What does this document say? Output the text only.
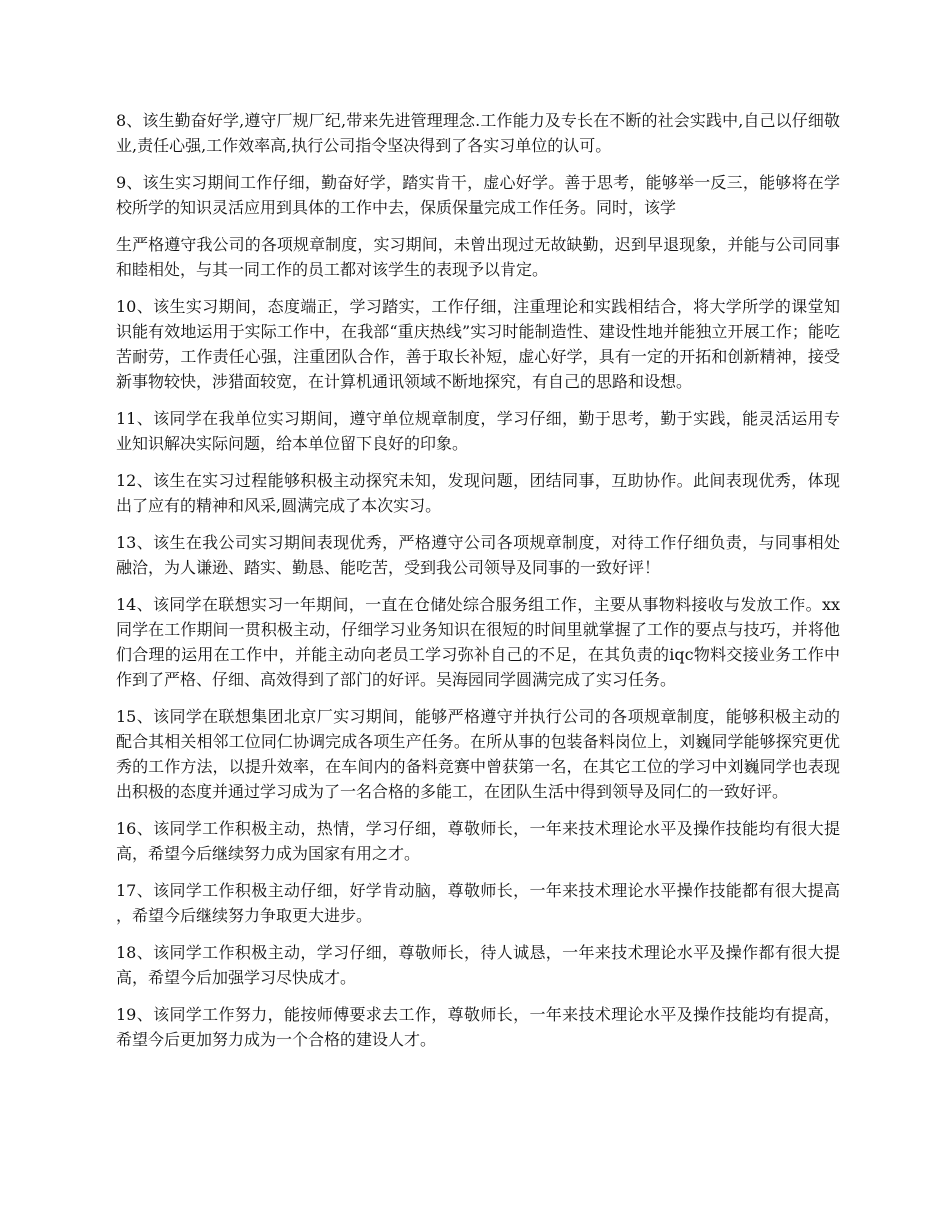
8、该生勤奋好学,遵守厂规厂纪,带来先进管理理念.工作能力及专长在不断的社会实践中,自己以仔细敬业,责任心强,工作效率高,执行公司指令坚决得到了各实习单位的认可。

9、该生实习期间工作仔细，勤奋好学，踏实肯干，虚心好学。善于思考，能够举一反三，能够将在学校所学的知识灵活应用到具体的工作中去，保质保量完成工作任务。同时，该学

生严格遵守我公司的各项规章制度，实习期间，未曾出现过无故缺勤，迟到早退现象，并能与公司同事和睦相处，与其一同工作的员工都对该学生的表现予以肯定。

10、该生实习期间，态度端正，学习踏实，工作仔细，注重理论和实践相结合，将大学所学的课堂知识能有效地运用于实际工作中，在我部“重庆热线”实习时能制造性、建设性地并能独立开展工作；能吃苦耐劳，工作责任心强，注重团队合作，善于取长补短，虚心好学，具有一定的开拓和创新精神，接受新事物较快，涉猎面较宽，在计算机通讯领域不断地探究，有自己的思路和设想。

11、该同学在我单位实习期间，遵守单位规章制度，学习仔细，勤于思考，勤于实践，能灵活运用专业知识解决实际问题，给本单位留下良好的印象。

12、该生在实习过程能够积极主动探究未知，发现问题，团结同事，互助协作。此间表现优秀，体现出了应有的精神和风采,圆满完成了本次实习。

13、该生在我公司实习期间表现优秀，严格遵守公司各项规章制度，对待工作仔细负责，与同事相处融洽，为人谦逊、踏实、勤恳、能吃苦，受到我公司领导及同事的一致好评！

14、该同学在联想实习一年期间，一直在仓储处综合服务组工作，主要从事物料接收与发放工作。xx同学在工作期间一贯积极主动，仔细学习业务知识在很短的时间里就掌握了工作的要点与技巧，并将他们合理的运用在工作中，并能主动向老员工学习弥补自己的不足，在其负责的iqc物料交接业务工作中作到了严格、仔细、高效得到了部门的好评。吴海园同学圆满完成了实习任务。

15、该同学在联想集团北京厂实习期间，能够严格遵守并执行公司的各项规章制度，能够积极主动的配合其相关相邻工位同仁协调完成各项生产任务。在所从事的包装备料岗位上，刘巍同学能够探究更优秀的工作方法，以提升效率，在车间内的备料竞赛中曾获第一名，在其它工位的学习中刘巍同学也表现出积极的态度并通过学习成为了一名合格的多能工，在团队生活中得到领导及同仁的一致好评。

16、该同学工作积极主动，热情，学习仔细，尊敬师长，一年来技术理论水平及操作技能均有很大提高，希望今后继续努力成为国家有用之才。

17、该同学工作积极主动仔细，好学肯动脑，尊敬师长，一年来技术理论水平操作技能都有很大提高，希望今后继续努力争取更大进步。

18、该同学工作积极主动，学习仔细，尊敬师长，待人诚恳，一年来技术理论水平及操作都有很大提高，希望今后加强学习尽快成才。

19、该同学工作努力，能按师傅要求去工作，尊敬师长，一年来技术理论水平及操作技能均有提高，希望今后更加努力成为一个合格的建设人才。
